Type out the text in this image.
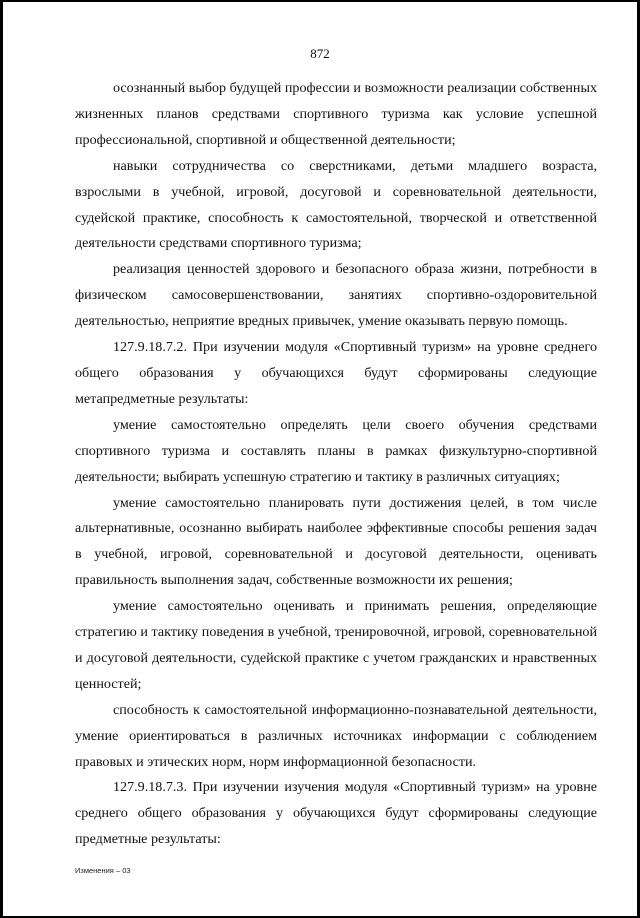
872

осознанный выбор будущей профессии и возможности реализации собственных жизненных планов средствами спортивного туризма как условие успешной профессиональной, спортивной и общественной деятельности;

навыки сотрудничества со сверстниками, детьми младшего возраста, взрослыми в учебной, игровой, досуговой и соревновательной деятельности, судейской практике, способность к самостоятельной, творческой и ответственной деятельности средствами спортивного туризма;

реализация ценностей здорового и безопасного образа жизни, потребности в физическом самосовершенствовании, занятиях спортивно-оздоровительной деятельностью, неприятие вредных привычек, умение оказывать первую помощь.

127.9.18.7.2. При изучении модуля «Спортивный туризм» на уровне среднего общего образования у обучающихся будут сформированы следующие метапредметные результаты:

умение самостоятельно определять цели своего обучения средствами спортивного туризма и составлять планы в рамках физкультурно-спортивной деятельности; выбирать успешную стратегию и тактику в различных ситуациях;

умение самостоятельно планировать пути достижения целей, в том числе альтернативные, осознанно выбирать наиболее эффективные способы решения задач в учебной, игровой, соревновательной и досуговой деятельности, оценивать правильность выполнения задач, собственные возможности их решения;

умение самостоятельно оценивать и принимать решения, определяющие стратегию и тактику поведения в учебной, тренировочной, игровой, соревновательной и досуговой деятельности, судейской практике с учетом гражданских и нравственных ценностей;

способность к самостоятельной информационно-познавательной деятельности, умение ориентироваться в различных источниках информации с соблюдением правовых и этических норм, норм информационной безопасности.

127.9.18.7.3. При изучении изучения модуля «Спортивный туризм» на уровне среднего общего образования у обучающихся будут сформированы следующие предметные результаты:

Изменения – 03
